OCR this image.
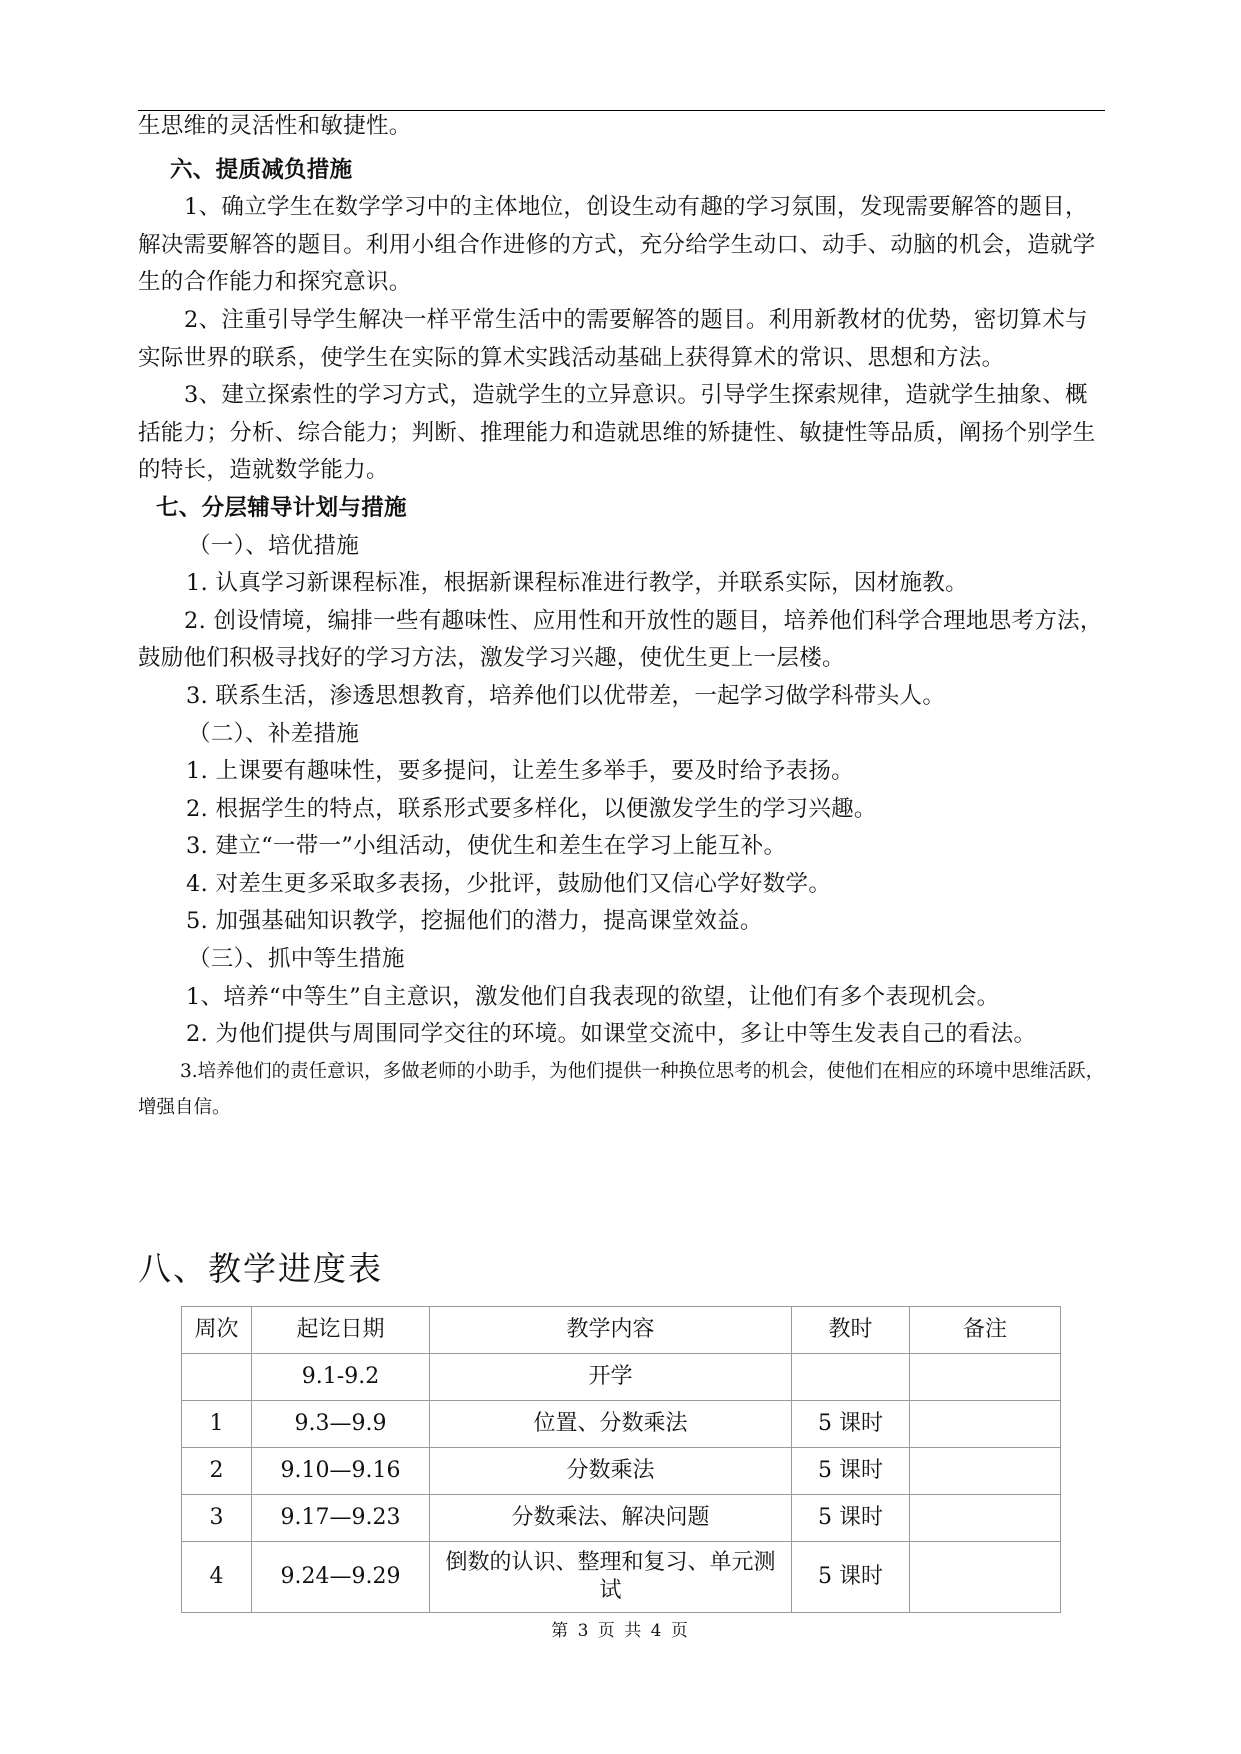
生思维的灵活性和敏捷性。
六、提质减负措施

1、确立学生在数学学习中的主体地位，创设生动有趣的学习氛围，发现需要解答的题目，解决需要解答的题目。利用小组合作进修的方式，充分给学生动口、动手、动脑的机会，造就学生的合作能力和探究意识。

2、注重引导学生解决一样平常生活中的需要解答的题目。利用新教材的优势，密切算术与实际世界的联系，使学生在实际的算术实践活动基础上获得算术的常识、思想和方法。

3、建立探索性的学习方式，造就学生的立异意识。引导学生探索规律，造就学生抽象、概括能力；分析、综合能力；判断、推理能力和造就思维的矫捷性、敏捷性等品质，阐扬个别学生的特长，造就数学能力。

七、分层辅导计划与措施
（一）、培优措施
1. 认真学习新课程标准，根据新课程标准进行教学，并联系实际，因材施教。
2. 创设情境，编排一些有趣味性、应用性和开放性的题目，培养他们科学合理地思考方法，鼓励他们积极寻找好的学习方法，激发学习兴趣，使优生更上一层楼。
3. 联系生活，渗透思想教育，培养他们以优带差，一起学习做学科带头人。
（二）、补差措施
1. 上课要有趣味性，要多提问，让差生多举手，要及时给予表扬。
2. 根据学生的特点，联系形式要多样化，以便激发学生的学习兴趣。
3. 建立“一带一”小组活动，使优生和差生在学习上能互补。
4. 对差生更多采取多表扬，少批评，鼓励他们又信心学好数学。
5. 加强基础知识教学，挖掘他们的潜力，提高课堂效益。
（三）、抓中等生措施
1、培养“中等生”自主意识，激发他们自我表现的欲望，让他们有多个表现机会。
2. 为他们提供与周围同学交往的环境。如课堂交流中，多让中等生发表自己的看法。
3.培养他们的责任意识，多做老师的小助手，为他们提供一种换位思考的机会，使他们在相应的环境中思维活跃，增强自信。
八、教学进度表
周次	起讫日期	教学内容	教时	备注
	9.1-9.2	开学		
1	9.3—9.9	位置、分数乘法	5 课时	
2	9.10—9.16	分数乘法	5 课时	
3	9.17—9.23	分数乘法、解决问题	5 课时	
4	9.24—9.29	倒数的认识、整理和复习、单元测试	5 课时	
第 3 页 共 4 页
